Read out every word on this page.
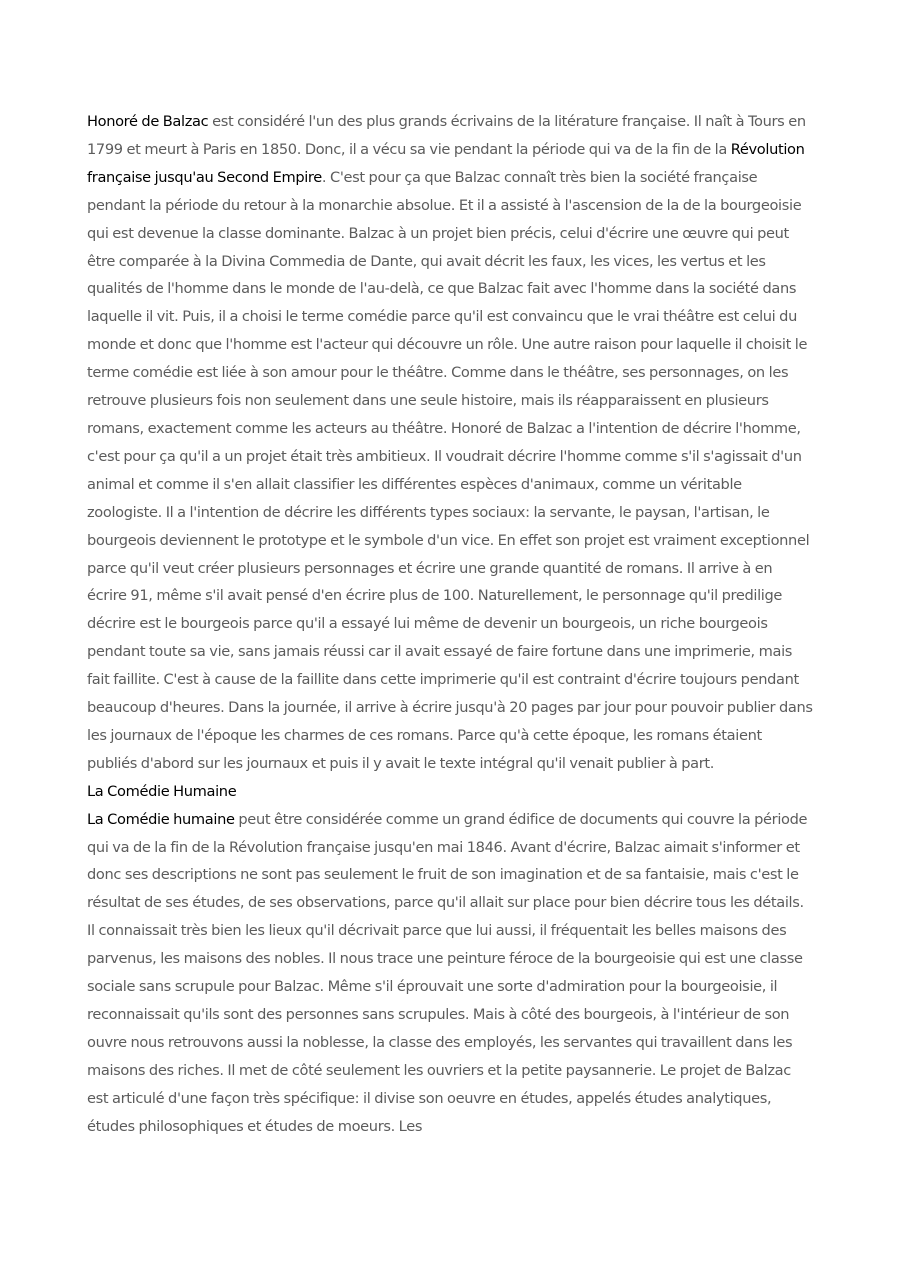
Honoré de Balzac est considéré l'un des plus grands écrivains de la litérature française. Il naît à Tours en 1799 et meurt à Paris en 1850. Donc, il a vécu sa vie pendant la période qui va de la fin de la Révolution française jusqu'au Second Empire. C'est pour ça que Balzac connaît très bien la société française pendant la période du retour à la monarchie absolue. Et il a assisté à l'ascension de la de la bourgeoisie qui est devenue la classe dominante. Balzac à un projet bien précis, celui d'écrire une œuvre qui peut être comparée à la Divina Commedia de Dante, qui avait décrit les faux, les vices, les vertus et les qualités de l'homme dans le monde de l'au-delà, ce que Balzac fait avec l'homme dans la société dans laquelle il vit. Puis, il a choisi le terme comédie parce qu'il est convaincu que le vrai théâtre est celui du monde et donc que l'homme est l'acteur qui découvre un rôle. Une autre raison pour laquelle il choisit le terme comédie est liée à son amour pour le théâtre. Comme dans le théâtre, ses personnages, on les retrouve plusieurs fois non seulement dans une seule histoire, mais ils réapparaissent en plusieurs romans, exactement comme les acteurs au théâtre. Honoré de Balzac a l'intention de décrire l'homme, c'est pour ça qu'il a un projet était très ambitieux. Il voudrait décrire l'homme comme s'il s'agissait d'un animal et comme il s'en allait classifier les différentes espèces d'animaux, comme un véritable zoologiste. Il a l'intention de décrire les différents types sociaux: la servante, le paysan, l'artisan, le bourgeois deviennent le prototype et le symbole d'un vice. En effet son projet est vraiment exceptionnel parce qu'il veut créer plusieurs personnages et écrire une grande quantité de romans. Il arrive à en écrire 91, même s'il avait pensé d'en écrire plus de 100. Naturellement, le personnage qu'il predilige décrire est le bourgeois parce qu'il a essayé lui même de devenir un bourgeois, un riche bourgeois pendant toute sa vie, sans jamais réussi car il avait essayé de faire fortune dans une imprimerie, mais fait faillite. C'est à cause de la faillite dans cette imprimerie qu'il est contraint d'écrire toujours pendant beaucoup d'heures. Dans la journée, il arrive à écrire jusqu'à 20 pages par jour pour pouvoir publier dans les journaux de l'époque les charmes de ces romans. Parce qu'à cette époque, les romans étaient publiés d'abord sur les journaux et puis il y avait le texte intégral qu'il venait publier à part.

La Comédie Humaine

La Comédie humaine peut être considérée comme un grand édifice de documents qui couvre la période qui va de la fin de la Révolution française jusqu'en mai 1846. Avant d'écrire, Balzac aimait s'informer et donc ses descriptions ne sont pas seulement le fruit de son imagination et de sa fantaisie, mais c'est le résultat de ses études, de ses observations, parce qu'il allait sur place pour bien décrire tous les détails. Il connaissait très bien les lieux qu'il décrivait parce que lui aussi, il fréquentait les belles maisons des parvenus, les maisons des nobles. Il nous trace une peinture féroce de la bourgeoisie qui est une classe sociale sans scrupule pour Balzac. Même s'il éprouvait une sorte d'admiration pour la bourgeoisie, il reconnaissait qu'ils sont des personnes sans scrupules. Mais à côté des bourgeois, à l'intérieur de son ouvre nous retrouvons aussi la noblesse, la classe des employés, les servantes qui travaillent dans les maisons des riches. Il met de côté seulement les ouvriers et la petite paysannerie. Le projet de Balzac est articulé d'une façon très spécifique: il divise son oeuvre en études, appelés études analytiques, études philosophiques et études de moeurs. Les
